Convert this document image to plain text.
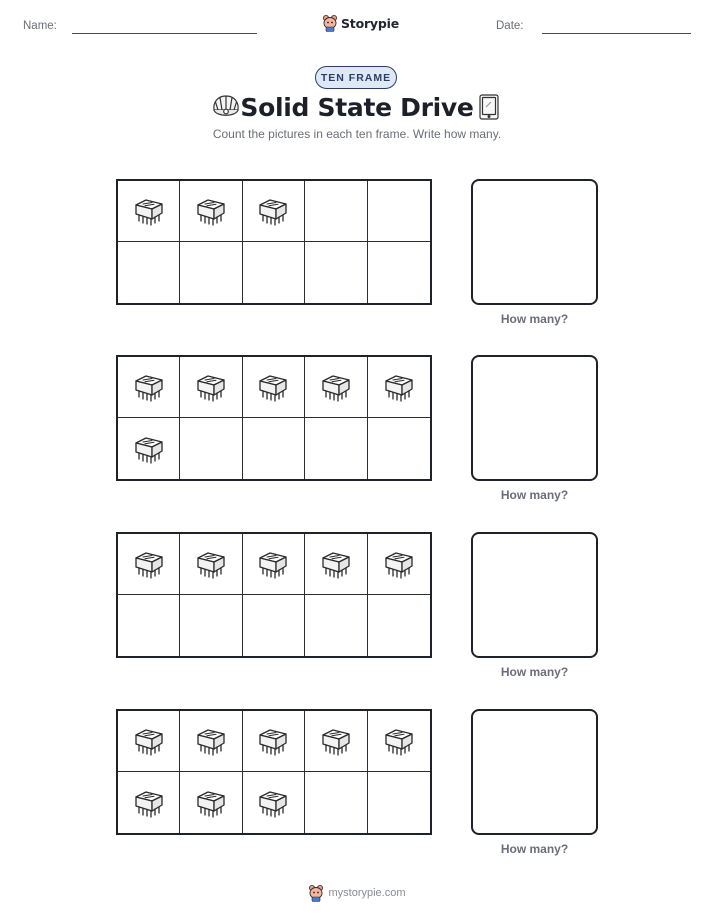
Name:	Storypie	Date:
TEN FRAME
Solid State Drive
Count the pictures in each ten frame. Write how many.
How many?
How many?
How many?
How many?
mystorypie.com
